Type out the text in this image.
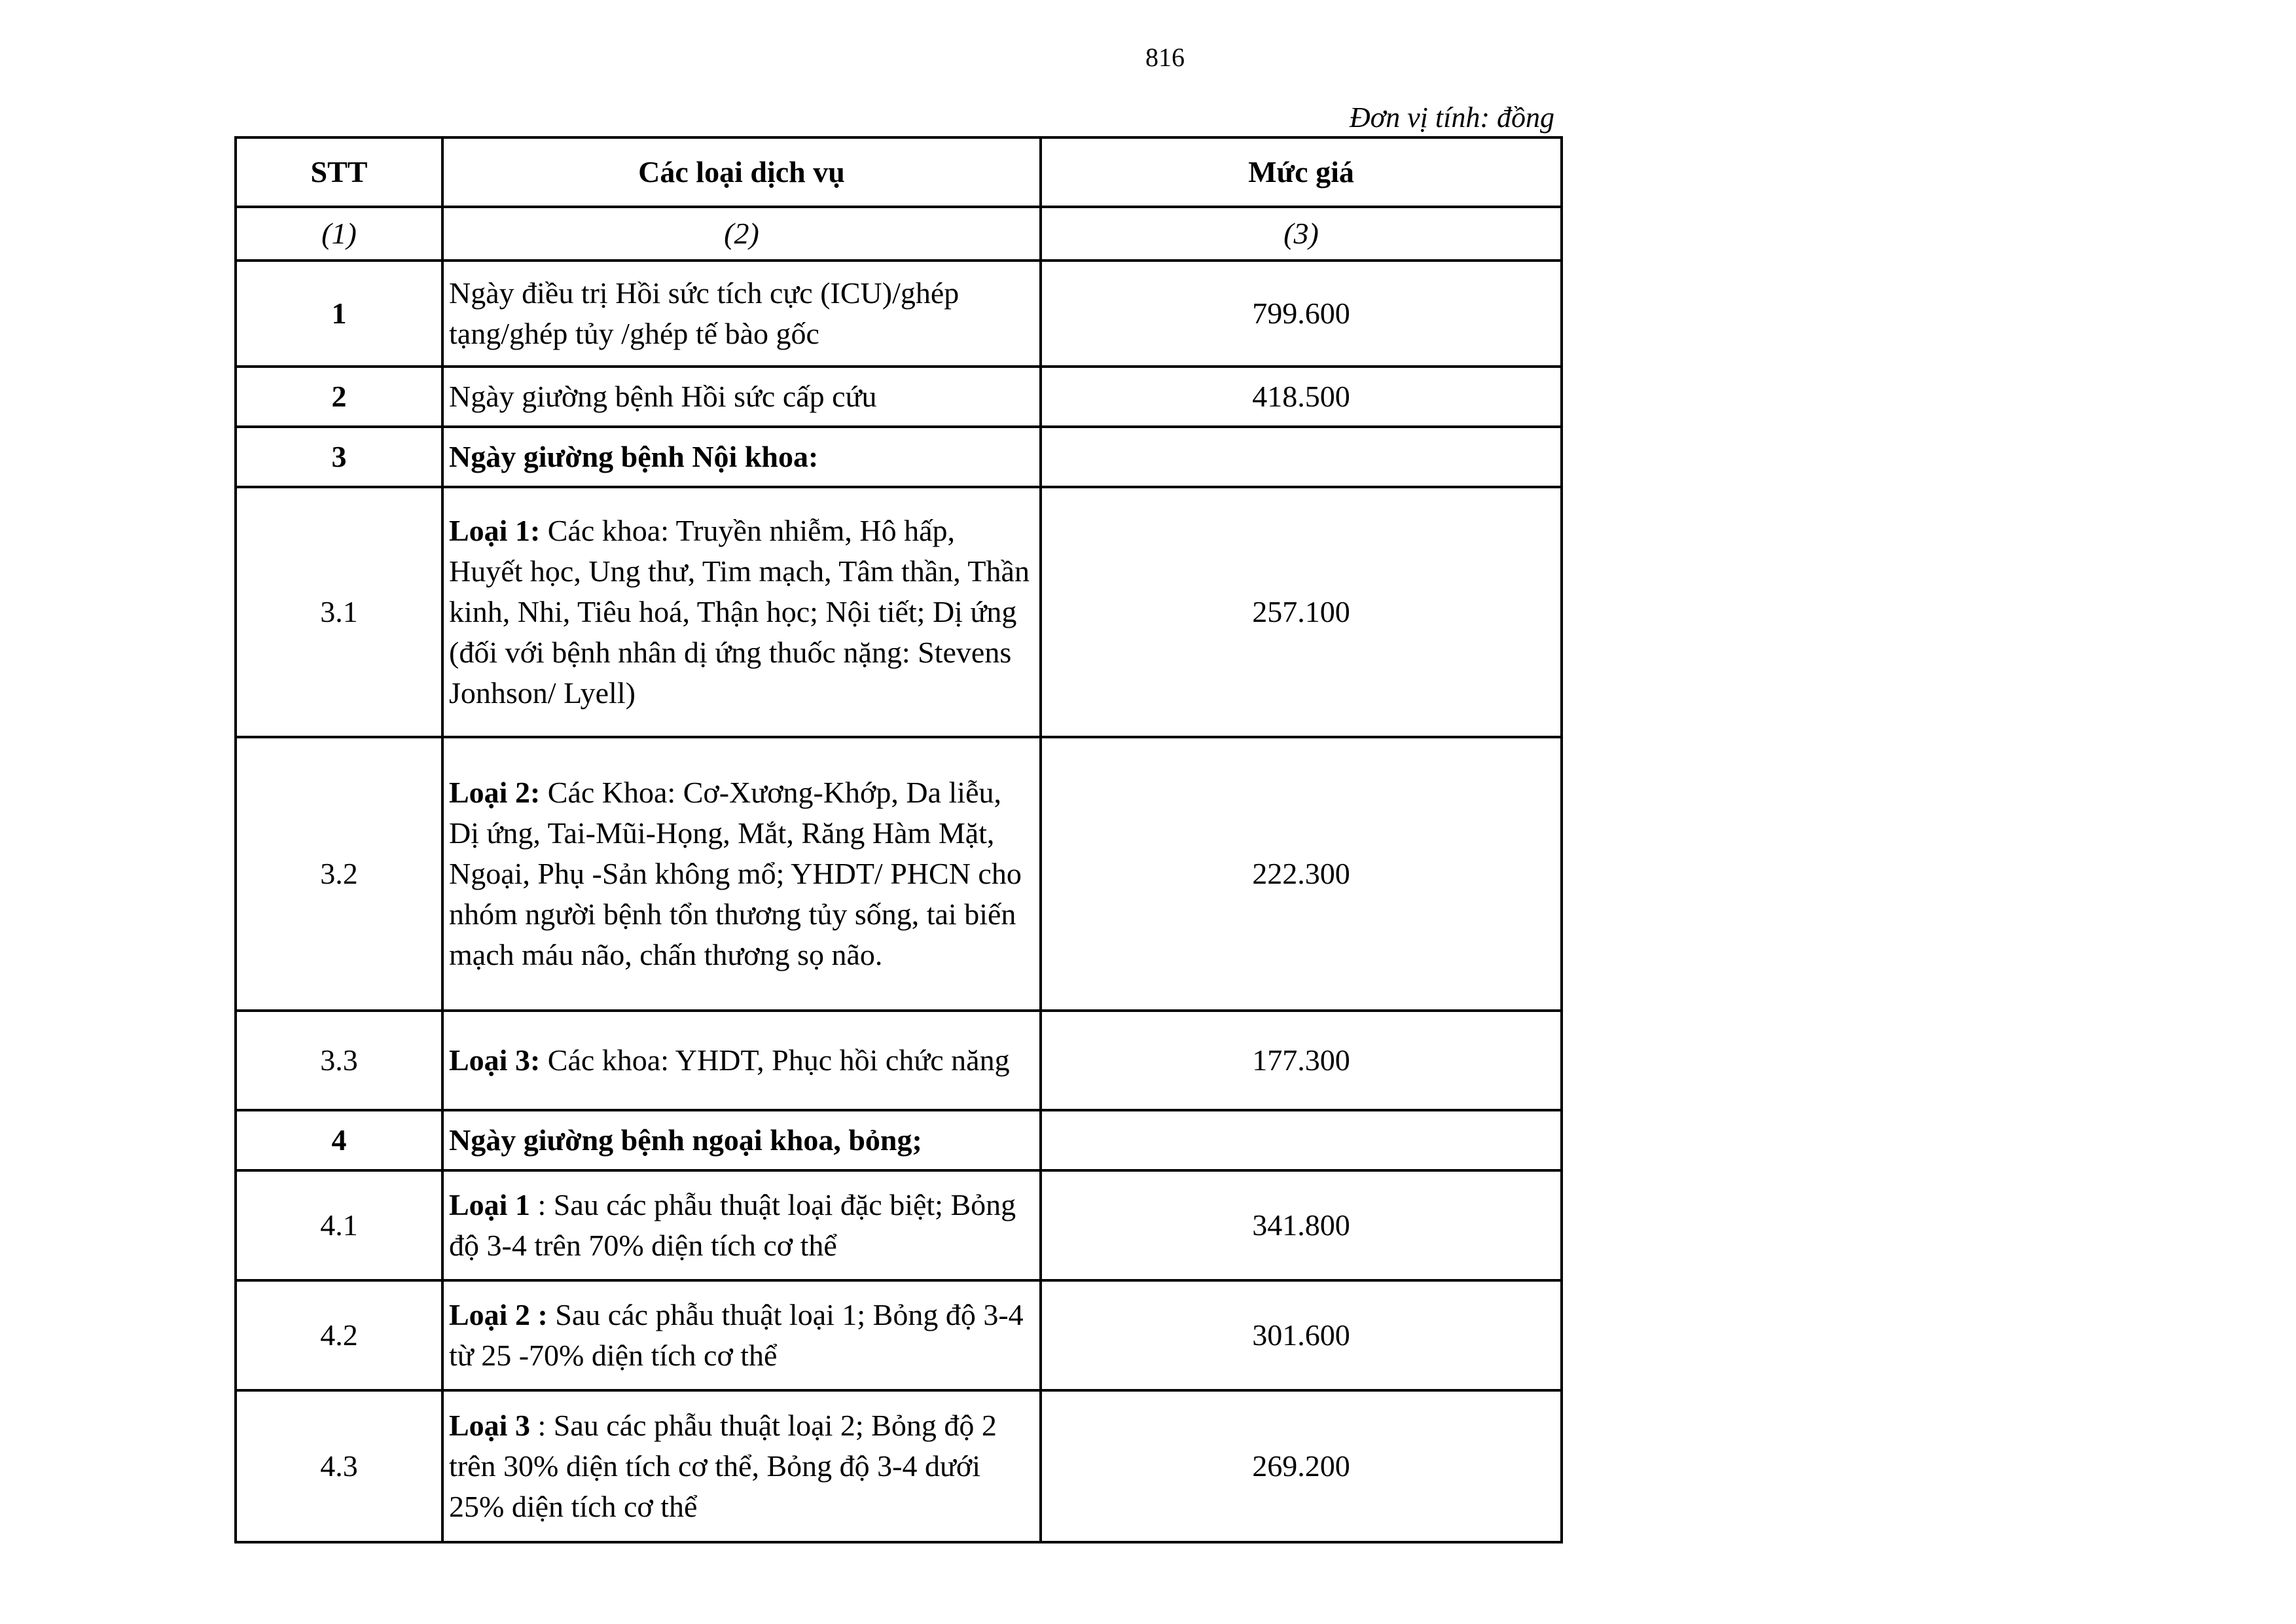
816
Đơn vị tính: đồng
STT	Các loại dịch vụ	Mức giá
(1)	(2)	(3)
1	Ngày điều trị Hồi sức tích cực (ICU)/ghép tạng/ghép tủy /ghép tế bào gốc	799.600
2	Ngày giường bệnh Hồi sức cấp cứu	418.500
3	Ngày giường bệnh Nội khoa:	
3.1	Loại 1: Các khoa: Truyền nhiễm, Hô hấp, Huyết học, Ung thư, Tim mạch, Tâm thần, Thần kinh, Nhi, Tiêu hoá, Thận học; Nội tiết; Dị ứng (đối với bệnh nhân dị ứng thuốc nặng: Stevens Jonhson/ Lyell)	257.100
3.2	Loại 2: Các Khoa: Cơ-Xương-Khớp, Da liễu, Dị ứng, Tai-Mũi-Họng, Mắt, Răng Hàm Mặt, Ngoại, Phụ -Sản không mổ; YHDT/ PHCN cho nhóm người bệnh tổn thương tủy sống, tai biến mạch máu não, chấn thương sọ não.	222.300
3.3	Loại 3: Các khoa: YHDT, Phục hồi chức năng	177.300
4	Ngày giường bệnh ngoại khoa, bỏng;	
4.1	Loại 1 : Sau các phẫu thuật loại đặc biệt; Bỏng độ 3-4 trên 70% diện tích cơ thể	341.800
4.2	Loại 2 : Sau các phẫu thuật loại 1; Bỏng độ 3-4 từ 25 -70% diện tích cơ thể	301.600
4.3	Loại 3 : Sau các phẫu thuật loại 2; Bỏng độ 2 trên 30% diện tích cơ thể, Bỏng độ 3-4 dưới 25% diện tích cơ thể	269.200
